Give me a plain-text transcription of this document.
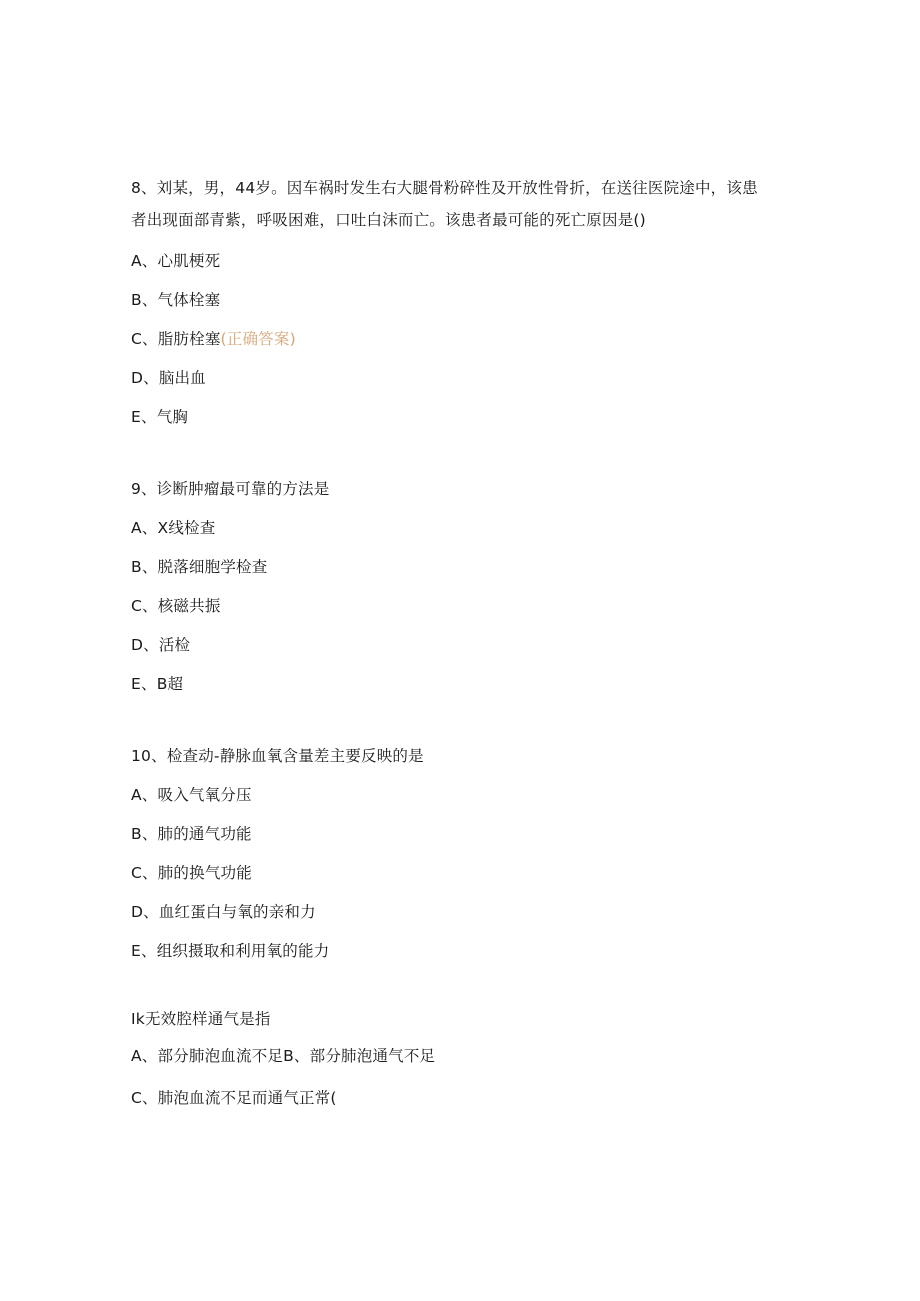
8、刘某，男，44岁。因车祸时发生右大腿骨粉碎性及开放性骨折，在送往医院途中，该患
者出现面部青紫，呼吸困难，口吐白沫而亡。该患者最可能的死亡原因是()
A、心肌梗死
B、气体栓塞
C、脂肪栓塞(正确答案)
D、脑出血
E、气胸
9、诊断肿瘤最可靠的方法是
A、X线检查
B、脱落细胞学检查
C、核磁共振
D、活检
E、B超
10、检查动-静脉血氧含量差主要反映的是
A、吸入气氧分压
B、肺的通气功能
C、肺的换气功能
D、血红蛋白与氧的亲和力
E、组织摄取和利用氧的能力
Ik无效腔样通气是指
A、部分肺泡血流不足B、部分肺泡通气不足
C、肺泡血流不足而通气正常(
